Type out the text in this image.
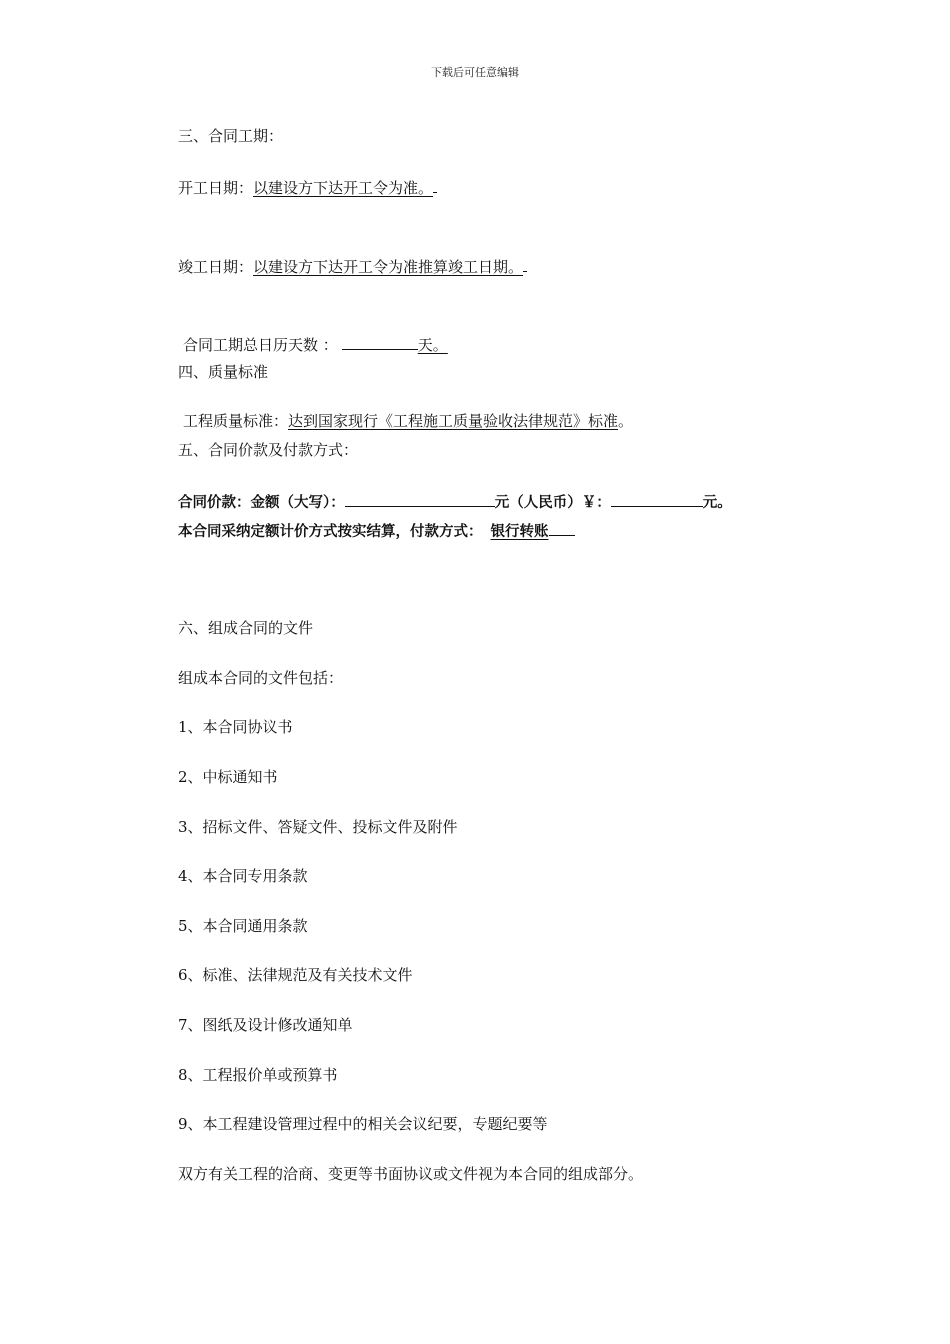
下载后可任意编辑
三、合同工期：
开工日期：以建设方下达开工令为准。
竣工日期：以建设方下达开工令为准推算竣工日期。
合同工期总日历天数 ：	天。
四、质量标准
工程质量标准：达到国家现行《工程施工质量验收法律规范》标准。
五、合同价款及付款方式：
合同价款：金额（大写）：	元（人民币）￥：	元。
本合同采纳定额计价方式按实结算，付款方式： 银行转账
六、组成合同的文件
组成本合同的文件包括：
1、本合同协议书
2、中标通知书
3、招标文件、答疑文件、投标文件及附件
4、本合同专用条款
5、本合同通用条款
6、标准、法律规范及有关技术文件
7、图纸及设计修改通知单
8、工程报价单或预算书
9、本工程建设管理过程中的相关会议纪要，专题纪要等
双方有关工程的洽商、变更等书面协议或文件视为本合同的组成部分。
